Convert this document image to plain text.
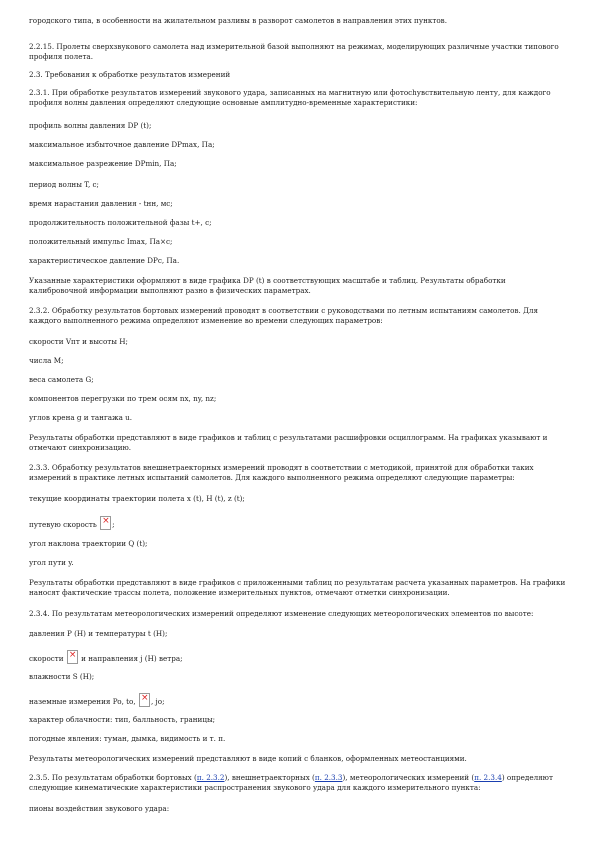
городского типа, в особенности на жилательном разливы в разворот самолетов в направления этих пунктов.
2.2.15. Пролеты сверхзвукового самолета над измерительной базой выполняют на режимах, моделирующих различные участки типового
профиля полета.
2.3. Требования к обработке результатов измерений
2.3.1. При обработке результатов измерений звукового удара, записанных на магнитную или фотochувствительную ленту, для каждого
профиля волны давления определяют следующие основные амплитудно-временные характеристики:
профиль волны давления DP (t);
максимальное избыточное давление DPmax, Па;
максимальное разрежение DPmin, Па;
период волны T, с;
время нарастания давления - tнн, мс;
продолжительность положительной фазы t+, с;
положительный импульс Imax, Па×с;
характеристическое давление DPc, Па.
Указанные характеристики оформляют в виде графика DP (t) в соответствующих масштабе и таблиц. Результаты обработки
калибровочной информации выполняют разно в физических параметрах.
2.3.2. Обработку результатов бортовых измерений проводят в соответствии с руководствами по летным испытаниям самолетов. Для
каждого выполненного режима определяют изменение во времени следующих параметров:
скорости Vпт и высоты H;
числа M;
веса самолета G;
компонентов перегрузки по трем осям nx, ny, nz;
углов крена g и тангажа u.
Результаты обработки представляют в виде графиков и таблиц с результатами расшифровки осциллограмм. На графиках указывают и
отмечают синхронизацию.
2.3.3. Обработку результатов внешнетраекторных измерений проводят в соответствии с методикой, принятой для обработки таких
измерений в практике летных испытаний самолетов. Для каждого выполненного режима определяют следующие параметры:
текущие координаты траектории полета x (t), H (t), z (t);
путевую скорость × ;
угол наклона траектории Q (t);
угол пути y.
Результаты обработки представляют в виде графиков с приложенными таблиц по результатам расчета указанных параметров. На графики
наносят фактические трассы полета, положение измерительных пунктов, отмечают отметки синхронизации.
2.3.4. По результатам метеорологических измерений определяют изменение следующих метеорологических элементов по высоте:
давления P (H) и температуры t (H);
скорости × и направления j (H) ветра;
влажности S (H);
наземные измерения Po, to, × , jo;
характер облачности: тип, балльность, границы;
погодные явления: туман, дымка, видимость и т. п.
Результаты метеорологических измерений представляют в виде копий с бланков, оформленных метеостанциями.
2.3.5. По результатам обработки бортовых (п. 2.3.2), внешнетраекторных (п. 2.3.3), метеорологических измерений (п. 2.3.4) определяют
следующие кинематические характеристики распространения звукового удара для каждого измерительного пункта:
пионы воздействия звукового удара:
